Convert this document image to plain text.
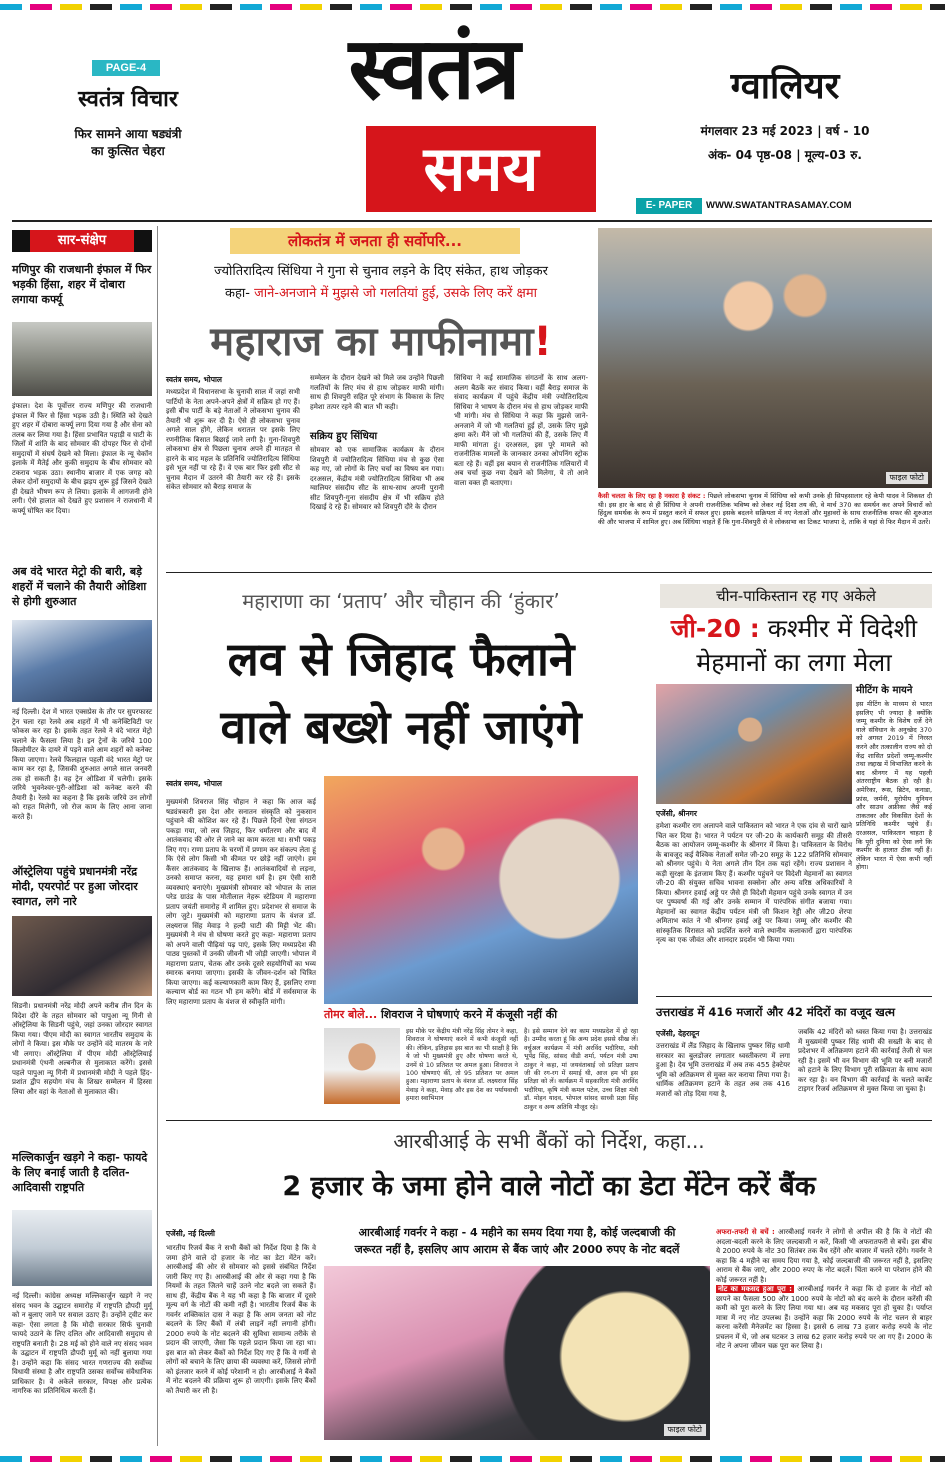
PAGE-4
स्वतंत्र विचार
फिर सामने आया षड्यंत्री
का कुत्सित चेहरा
स्वतंत्र
समय
ग्वालियर
मंगलवार 23 मई 2023 | वर्ष - 10
अंक- 04 पृष्ठ-08 | मूल्य-03 रु.
E- PAPER	WWW.SWATANTRASAMAY.COM
सार-संक्षेप
मणिपुर की राजधानी इंफाल में फिर भड़की हिंसा, शहर में दोबारा लगाया कर्फ्यू
इंफाल। देश के पूर्वोत्तर राज्य मणिपुर की राजधानी इंफाल में फिर से हिंसा भड़क उठी है। स्थिति को देखते हुए शहर में दोबारा कर्फ्यू लगा दिया गया है और सेना को तलब कर लिया गया है। हिंसा प्रभावित पहाड़ी व घाटी के जिलों में शांति के बाद सोमवार की दोपहर फिर से दोनों समुदायों में संघर्ष देखने को मिला। इंफाल के न्यू चेकॉन इलाके में मैतेई और कुकी समुदाय के बीच सोमवार को टकराव भड़क उठा। स्थानीय बाजार में एक जगह को लेकर दोनों समुदायों के बीच झड़प शुरू हुई जिसने देखते ही देखते भीषण रूप ले लिया। इलाके में आगजनी होने लगी। ऐसे हालात को देखते हुए प्रशासन ने राजधानी में कर्फ्यू घोषित कर दिया।
अब वंदे भारत मेट्रो की बारी, बड़े शहरों में चलाने की तैयारी ओडिशा से होगी शुरुआत
नई दिल्ली। देश में भारत एक्सप्रेस के तौर पर सुपरफास्ट ट्रेन चला रहा रेलवे अब शहरों में भी कनेक्टिविटी पर फोकस कर रहा है। इसके तहत रेलवे ने वंदे भारत मेट्रो चलाने के फैसला लिया है। इन ट्रेनों के जरिये 100 किलोमीटर के दायरे में पड़ने वाले आम शहरों को कनेक्ट किया जाएगा। रेलवे फिलहाल पहली वंदे भारत मेट्रो पर काम कर रहा है, जिसकी शुरुआत अगले साल जनवरी तक हो सकती है। वह ट्रेन ओडिशा में चलेगी। इसके जरिये भुवनेश्वर-पुरी-ओडिशा को कनेक्ट करने की तैयारी है। रेलवे का कहना है कि इसके जरिये उन लोगों को राहत मिलेगी, जो रोज काम के लिए आना जाना करते हैं।
ऑस्ट्रेलिया पहुंचे प्रधानमंत्री नरेंद्र मोदी, एयरपोर्ट पर हुआ जोरदार स्वागत, लगे नारे
सिडनी। प्रधानमंत्री नरेंद्र मोदी अपने करीब तीन दिन के विदेश दौरे के तहत सोमवार को पापुआ न्यू गिनी से ऑस्ट्रेलिया के सिडनी पहुंचे, जहां उनका जोरदार स्वागत किया गया। पीएम मोदी का स्वागत भारतीय समुदाय के लोगों ने किया। इस मौके पर उन्होंने वंदे मातरम के नारे भी लगाए। ऑस्ट्रेलिया में पीएम मोदी ऑस्ट्रेलियाई प्रधानमंत्री एंथनी अल्बनीज से मुलाकात करेंगे। इससे पहले पापुआ न्यू गिनी में प्रधानमंत्री मोदी ने पहले हिंद-प्रशांत द्वीप सहयोग मंच के शिखर सम्मेलन में हिस्सा लिया और वहां के नेताओं से मुलाकात की।
मल्लिकार्जुन खड़गे ने कहा- फायदे के लिए बनाई जाती है दलित-आदिवासी राष्ट्रपति
नई दिल्ली। कांग्रेस अध्यक्ष मल्लिकार्जुन खड़गे ने नए संसद भवन के उद्घाटन समारोह में राष्ट्रपति द्रौपदी मुर्मू को न बुलाए जाने पर सवाल उठाए हैं। उन्होंने ट्वीट कर कहा- ऐसा लगता है कि मोदी सरकार सिर्फ चुनावी फायदे उठाने के लिए दलित और आदिवासी समुदाय से राष्ट्रपति बनाती है। 28 मई को होने वाले नए संसद भवन के उद्घाटन में राष्ट्रपति द्रौपदी मुर्मू को नहीं बुलाया गया है। उन्होंने कहा कि संसद भारत गणराज्य की सर्वोच्च विधायी संस्था है और राष्ट्रपति उसका सर्वोच्च संवैधानिक प्राधिकार है। वे अकेले सरकार, विपक्ष और प्रत्येक नागरिक का प्रतिनिधित्व करती हैं।
लोकतंत्र में जनता ही सर्वोपरि...
ज्योतिरादित्य सिंधिया ने गुना से चुनाव लड़ने के दिए संकेत, हाथ जोड़कर
कहा- जाने-अनजाने में मुझसे जो गलतियां हुई, उसके लिए करें क्षमा
महाराज का माफीनामा!
स्वतंत्र समय, भोपाल
मध्यप्रदेश में विधानसभा के चुनावी साल में जहां सभी पार्टियों के नेता अपने-अपने क्षेत्रों में सक्रिय हो गए हैं। इसी बीच पार्टी के बड़े नेताओं ने लोकसभा चुनाव की तैयारी भी शुरू कर दी है। ऐसे ही लोकसभा चुनाव अगले साल होंगे, लेकिन धरातल पर इसके लिए रणनीतिक बिसात बिछाई जाने लगी है। गुना-शिवपुरी लोकसभा क्षेत्र से पिछला चुनाव अपने ही मातहत से हारने के बाद महल के प्रतिनिधि ज्योतिरादित्य सिंधिया इसे भूल नहीं पा रहे हैं। वे एक बार फिर इसी सीट से चुनाव मैदान में उतरने की तैयारी कर रहे हैं। इसके संकेत सोमवार को बैराड़ समाज के
सम्मेलन के दौरान देखने को मिले जब उन्होंने पिछली गलतियों के लिए मंच से हाथ जोड़कर माफी मांगी। साथ ही शिवपुरी सहित पूरे संभाग के विकास के लिए हमेशा तत्पर रहने की बात भी कही।
सक्रिय हुए सिंधिया
सोमवार को एक सामाजिक कार्यक्रम के दौरान शिवपुरी में ज्योतिरादित्य सिंधिया मंच से कुछ ऐसा कह गए, जो लोगों के लिए चर्चा का विषय बन गया। दरअसल, केंद्रीय मंत्री ज्योतिरादित्य सिंधिया भी अब ग्वालियर संसदीय सीट के साथ-साथ अपनी पुरानी सीट शिवपुरी-गुना संसदीय क्षेत्र में भी सक्रिय होते दिखाई दे रहे हैं। सोमवार को शिवपुरी दौरे के दौरान
सिंधिया ने कई सामाजिक संगठनों के साथ अलग-अलग बैठकें कर संवाद किया। वहीं बैराड़ समाज के संवाद कार्यक्रम में पहुंचे केंद्रीय मंत्री ज्योतिरादित्य सिंधिया ने भाषण के दौरान मंच से हाथ जोड़कर माफी भी मांगी। मंच से सिंधिया ने कहा कि मुझसे जाने-अनजाने में जो भी गलतियां हुई हों, उसके लिए मुझे क्षमा करें। मैंने जो भी गलतियां की हैं, उसके लिए मैं माफी मांगता हूं। दरअसल, इस पूरे मामले को राजनीतिक मामलों के जानकार उनका ओपनिंग स्ट्रोक बता रहे हैं। वहीं इस बयान से राजनीतिक गलियारों में अब चर्चा कुछ नया देखने को मिलेगा, ये तो आने वाला वक्त ही बताएगा।
फाइल फोटो
कैसी चलता के लिए रहा है नकारा है संकट : पिछले लोकसभा चुनाव में सिंधिया को कभी उनके ही सिपहसालार रहे केपी यादव ने शिकस्त दी थी। इस हार के बाद से ही सिंधिया ने अपनी राजनीतिक भविष्य को लेकर नई दिशा तय की, वे मार्च 370 का समर्थन कर अपने विचारों को हिंदुत्व समर्थक के रूप में प्रस्तुत करने में सफल हुए। इसके बदलने सक्रियता में नए नेताओं और मुहावरों के साथ राजनीतिक सफर की शुरुआत की और भाजपा में शामिल हुए। अब सिंधिया चाहते हैं कि गुना-शिवपुरी से वे लोकसभा का टिकट भाजपा दे, ताकि वे यहां से फिर मैदान में उतरें।
महाराणा का ‘प्रताप’ और चौहान की ‘हुंकार’
लव से जिहाद फैलाने
वाले बख्शे नहीं जाएंगे
स्वतंत्र समय, भोपाल
मुख्यमंत्री शिवराज सिंह चौहान ने कहा कि आज कई षड्यंत्रकारी इस देश और सनातन संस्कृति को नुकसान पहुंचाने की कोशिश कर रहे हैं। पिछले दिनों ऐसा संगठन पकड़ा गया, जो लव जिहाद, फिर धर्मांतरण और बाद में आतंकवाद की ओर ले जाने का काम करता था। सभी पकड़ लिए गए। राणा प्रताप के चरणों में प्रणाम कर संकल्प लेता हूं कि ऐसे लोग किसी भी कीमत पर छोड़े नहीं जाएंगे। हम कैंसर आतंकवाद के खिलाफ हैं। आतंकवादियों से लड़ना, उनको समाप्त करना, यह हमारा धर्म है। हम ऐसी सारी व्यवस्थाएं बनाएंगे। मुख्यमंत्री सोमवार को भोपाल के लाल परेड ग्राउंड के पास मोतीलाल नेहरू स्टेडियम में महाराणा प्रताप जयंती समारोह में शामिल हुए। प्रदेशभर से समाज के लोग जुटे। मुख्यमंत्री को महाराणा प्रताप के वंशज डॉ. लक्ष्यराज सिंह मेवाड़ ने हल्दी घाटी की मिट्टी भेंट की। मुख्यमंत्री ने मंच से घोषणा करते हुए कहा- महाराणा प्रताप को अपने वाली पीढ़ियां पढ़ पाएं, इसके लिए मध्यप्रदेश की पाठ्य पुस्तकों में उनकी जीवनी भी जोड़ी जाएगी। भोपाल में महाराणा प्रताप, चेतक और उनके दूसरे सहयोगियों का भव्य स्मारक बनाया जाएगा। इसकी के जीवन-दर्शन को चित्रित किया जाएगा। कई कल्याणकारी काम किए हैं, इसलिए राणा कल्याण बोर्ड का गठन भी हम करेंगे। बोर्ड में सर्वसमाज के लिए महाराणा प्रताप के वंशज से स्वीकृति मांगी।
तोमर बोले... शिवराज ने घोषणाएं करने में कंजूसी नहीं की
इस मौके पर केंद्रीय मंत्री नरेंद्र सिंह तोमर ने कहा, शिवराज ने घोषणाएं करने में कभी कंजूसी नहीं की। लेकिन, इतिहास इस बात का भी साक्षी है कि ये जो भी मुख्यमंत्री हुए और घोषणा करते थे, उनमें से 10 प्रतिशत पर अमल हुआ। शिवराज ने 100 घोषणाएं कीं, तो 95 प्रतिशत पर अमल हुआ। महाराणा प्रताप के वंशज डॉ. लक्ष्यराज सिंह मेवाड़ ने कहा, मेवाड़ और इस देश का पर्यायवाची हमारा स्वाभिमान
है। इसे सम्मान देने का काम मध्यप्रदेश में हो रहा है। उम्मीद करता हूं कि अन्य प्रदेश इससे सीख लें। वर्चुअल कार्यक्रम में मंत्री अरविंद भदौरिया, मंत्री भूपेंद्र सिंह, सांसद वीडी शर्मा, पर्यटन मंत्री उषा ठाकुर ने कहा, मां जयवंताबाई जो प्रतिज्ञा प्रताप जी की रग-रग में समाई थी, आज हम भी इस प्रतिज्ञा को लें। कार्यक्रम में सहकारिता मंत्री अरविंद भदौरिया, कृषि मंत्री कमल पटेल, उच्च शिक्षा मंत्री डॉ. मोहन यादव, भोपाल सांसद साध्वी प्रज्ञा सिंह ठाकुर व अन्य अतिथि मौजूद रहे।
चीन-पाकिस्तान रह गए अकेले
जी-20 : कश्मीर में विदेशी
मेहमानों का लगा मेला
मीटिंग के मायने
इस मीटिंग के माध्यम से भारत इसलिए भी ज्यादा है क्योंकि जम्मू कश्मीर के विशेष दर्जे देने वाले संविधान के अनुच्छेद 370 को अगस्त 2019 में निरस्त करने और तत्कालीन राज्य को दो केंद्र शासित प्रदेशों जम्मू-कश्मीर तथा लद्दाख में विभाजित करने के बाद श्रीनगर में यह पहली अंतरराष्ट्रीय बैठक हो रही है। अमेरिका, रूस, ब्रिटेन, कनाडा, फ्रांस, जर्मनी, यूरोपीय यूनियन और साउथ अफ्रीका जैसे कई ताकतवर और विकसित देशों के प्रतिनिधि कश्मीर पहुंचे हैं। दरअसल, पाकिस्तान चाहता है कि पूरी दुनिया को ऐसा लगे कि कश्मीर के हालात ठीक नहीं हैं। लेकिन भारत में ऐसा कभी नहीं होगा।
एजेंसी, श्रीनगर
हमेशा कश्मीर राग अलापने वाले पाकिस्तान को भारत ने एक दांव से चारों खाने चित कर दिया है। भारत ने पर्यटन पर जी-20 के कार्यकारी समूह की तीसरी बैठक का आयोजन जम्मू-कश्मीर के श्रीनगर में किया है। पाकिस्तान के विरोध के बावजूद कई वैश्विक नेताओं समेत जी-20 समूह के 122 प्रतिनिधि सोमवार को श्रीनगर पहुंचे। ये नेता अगले तीन दिन तक यहां रहेंगे। राज्य प्रशासन ने कड़ी सुरक्षा के इंतजाम किए हैं। कश्मीर पहुंचने पर विदेशी मेहमानों का स्वागत जी-20 की संयुक्त सचिव भावना सक्सेना और अन्य वरिष्ठ अधिकारियों ने किया। श्रीनगर हवाई अड्डे पर जैसे ही विदेशी मेहमान पहुंचे उनके स्वागत में उन पर पुष्पवर्षा की गई और उनके सम्मान में पारंपरिक संगीत बजाया गया। मेहमानों का स्वागत केंद्रीय पर्यटन मंत्री जी किशन रेड्डी और जी20 शेरपा अमिताभ कांत ने भी श्रीनगर हवाई अड्डे पर किया। जम्मू और कश्मीर की सांस्कृतिक विरासत को प्रदर्शित करने वाले स्थानीय कलाकारों द्वारा पारंपरिक नृत्य का एक जीवंत और शानदार प्रदर्शन भी किया गया।
उत्तराखंड में 416 मजारों और 42 मंदिरों का वजूद खत्म
एजेंसी, देहरादून
उत्तराखंड में लैंड जिहाद के खिलाफ पुष्कर सिंह धामी सरकार का बुलडोजर लगातार ध्वस्तीकरण में लगा हुआ है। देव भूमि उत्तराखंड में अब तक 455 हेक्टेयर भूमि को अतिक्रमण से मुक्त कर कराया लिया गया है। धार्मिक अतिक्रमण हटाने के तहत अब तक 416 मजारों को तोड़ दिया गया है,
जबकि 42 मंदिरों को ध्वस्त किया गया है। उत्तराखंड में मुख्यमंत्री पुष्कर सिंह धामी की सख्ती के बाद से प्रदेशभर में अतिक्रमण हटाने की कार्रवाई तेजी से चल रही है। इसमें भी वन विभाग की भूमि पर बनी मजारों को हटाने के लिए विभाग पूरी सक्रियता के साथ काम कर रहा है। वन विभाग की कार्रवाई के चलते कार्बेट टाइगर रिजर्व अतिक्रमण से मुक्त किया जा चुका है।
आरबीआई के सभी बैंकों को निर्देश, कहा...
2 हजार के जमा होने वाले नोटों का डेटा मेंटेन करें बैंक
एजेंसी, नई दिल्ली
भारतीय रिजर्व बैंक ने सभी बैंकों को निर्देश दिया है कि वे जमा होने वाले दो हजार के नोट का डेटा मेंटेन करें। आरबीआई की ओर से सोमवार को इससे संबंधित निर्देश जारी किए गए हैं। आरबीआई की ओर से कहा गया है कि नियमों के तहत जितने चाहें उतने नोट बदले जा सकते हैं। साथ ही, केंद्रीय बैंक ने यह भी कहा है कि बाजार में दूसरे मूल्य वर्ग के नोटों की कमी नहीं है। भारतीय रिजर्व बैंक के गवर्नर शक्तिकांत दास ने कहा है कि आम जनता को नोट बदलने के लिए बैंकों में लंबी लाइनें नहीं लगानी होंगी। 2000 रुपये के नोट बदलने की सुविधा सामान्य तरीके से प्रदान की जाएगी, जैसा कि पहले प्रदान किया जा रहा था। इस बात को लेकर बैंकों को निर्देश दिए गए हैं कि वे गर्मी से लोगों को बचाने के लिए छाया की व्यवस्था करें, जिससे लोगों को इंतजार करने में कोई परेशानी न हो। आरबीआई ने बैंकों में नोट बदलने की प्रक्रिया शुरू हो जाएगी। इसके लिए बैंकों को तैयारी कर ली है।
आरबीआई गवर्नर ने कहा - 4 महीने का समय दिया गया है, कोई जल्दबाजी की
जरूरत नहीं है, इसलिए आप आराम से बैंक जाएं और 2000 रुपए के नोट बदलें
फाइल फोटो
अफरा-तफरी से बचें : आरबीआई गवर्नर ने लोगों से अपील की है कि वे नोटों की अदला-बदली करने के लिए जल्दबाजी न करें, किसी भी अफरातफरी से बचें। इस बीच ये 2000 रुपये के नोट 30 सितंबर तक वैध रहेंगे और बाजार में चलते रहेंगे। गवर्नर ने कहा कि 4 महीने का समय दिया गया है, कोई जल्दबाजी की जरूरत नहीं है, इसलिए आराम से बैंक जाएं, और 2000 रुपए के नोट बदलें। चिंता करने या परेशान होने की कोई जरूरत नहीं है।
नोट का मकसद हुआ पूरा : आरबीआई गवर्नर ने कहा कि दो हजार के नोटों को छापने का फैसला 500 और 1000 रुपये के नोटों को बंद करने के दौरान करेंसी की कमी को पूरा करने के लिए लिया गया था। अब यह मकसद पूरा हो चुका है। पर्याप्त मात्रा में नए नोट उपलब्ध हैं। उन्होंने कहा कि 2000 रुपये के नोट चलन से बाहर करना करेंसी मैनेजमेंट का हिस्सा है। इससे 6 लाख 73 हजार करोड़ रुपये के नोट प्रचलन में थे, जो अब घटकर 3 लाख 62 हजार करोड़ रुपये पर आ गए हैं। 2000 के नोट ने अपना जीवन चक्र पूरा कर लिया है।
